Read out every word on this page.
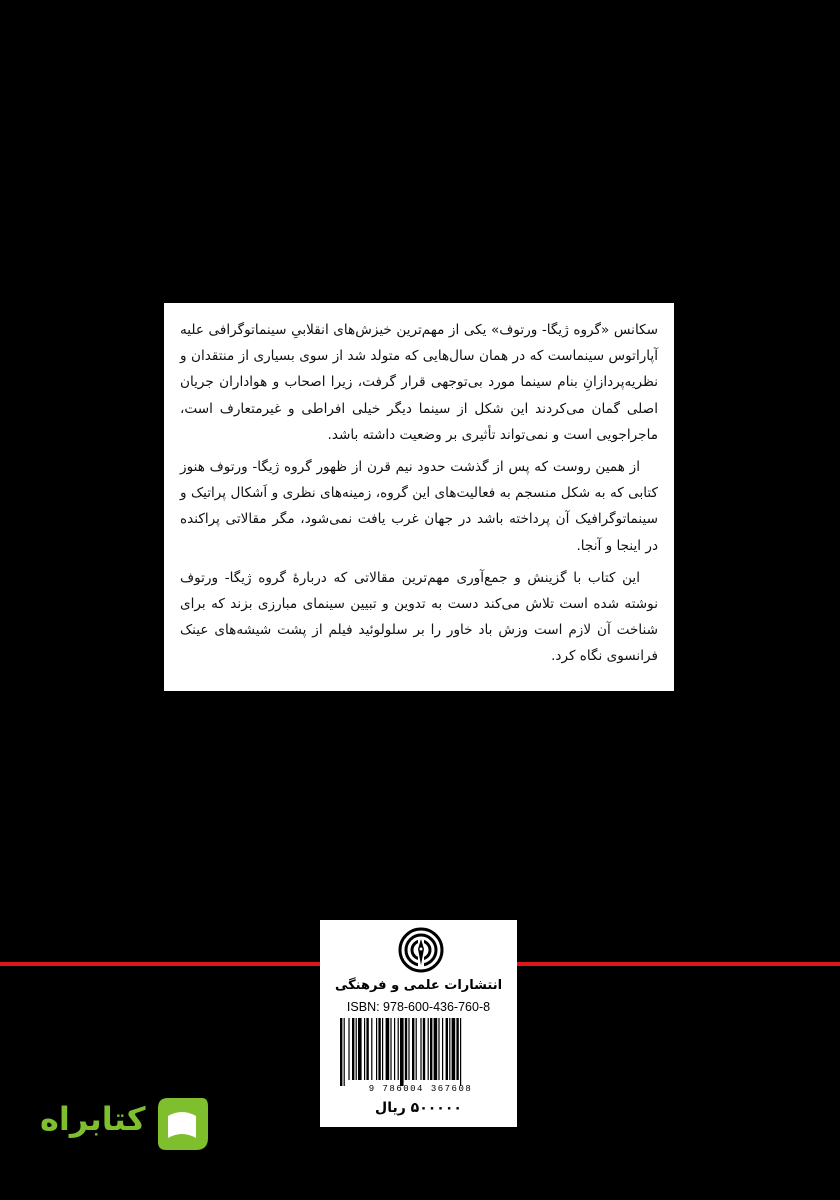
سکانس «گروه ژیگا- ورتوف» یکی از مهم‌ترین خیزش‌های انقلابیِ سینماتوگرافی علیه آپاراتوس سینماست که در همان سال‌هایی که متولد شد از سوی بسیاری از منتقدان و نظریه‌پردازانِ بنام سینما مورد بی‌توجهی قرار گرفت، زیرا اصحاب و هواداران جریان اصلی گمان می‌کردند این شکل از سینما دیگر خیلی افراطی و غیرمتعارف است، ماجراجویی است و نمی‌تواند تأثیری بر وضعیت داشته باشد.

از همین روست که پس از گذشت حدود نیم قرن از ظهور گروه ژیگا- ورتوف هنوز کتابی که به شکل منسجم به فعالیت‌های این گروه، زمینه‌های نظری و اَشکال پراتیک و سینماتوگرافیک آن پرداخته باشد در جهان غرب یافت نمی‌شود، مگر مقالاتی پراکنده در اینجا و آنجا.

این کتاب با گزینش و جمع‌آوری مهم‌ترین مقالاتی که دربارهٔ گروه ژیگا- ورتوف نوشته شده است تلاش می‌کند دست به تدوین و تبیین سینمای مبارزی بزند که برای شناخت آن لازم است وزش باد خاور را بر سلولوئید فیلم از پشت شیشه‌های عینک فرانسوی نگاه کرد.

انتشارات علمی و فرهنگی
ISBN: 978-600-436-760-8
9 786004 367608
۵۰۰۰۰۰ ریال
کتابراه
